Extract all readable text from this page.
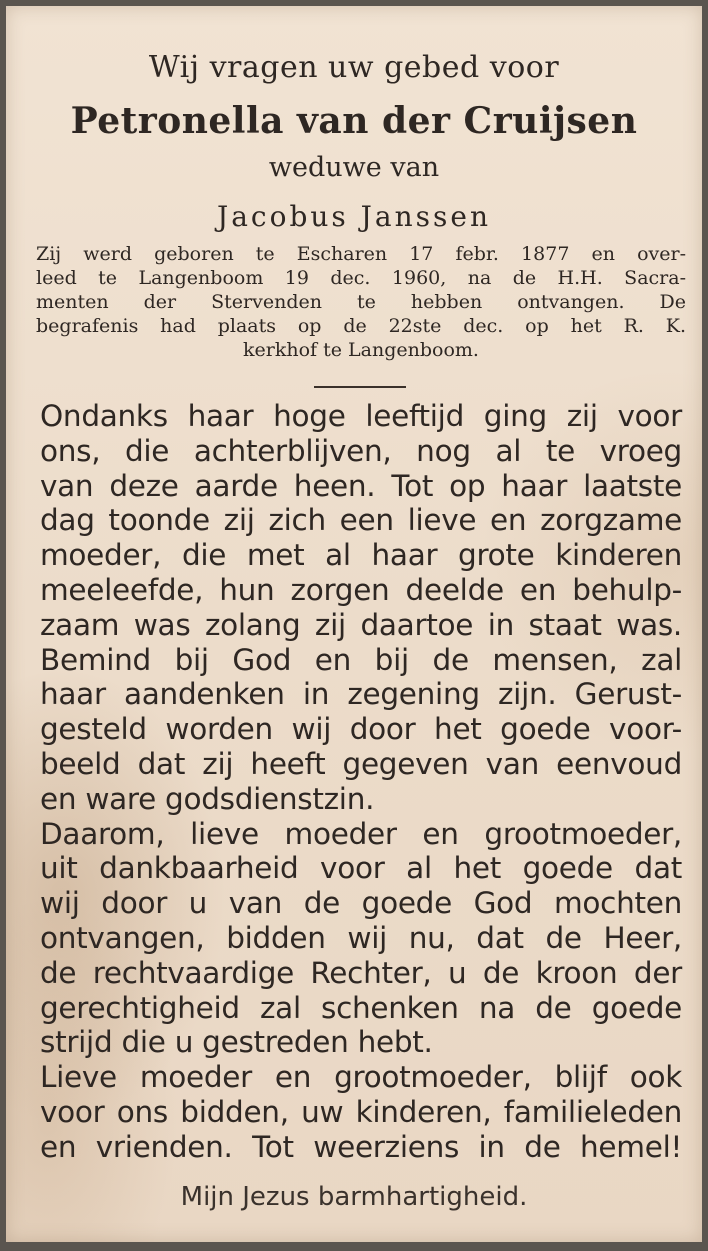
Wij vragen uw gebed voor
Petronella van der Cruijsen
weduwe van
Jacobus Janssen
Zij werd geboren te Escharen 17 febr. 1877 en over-
leed te Langenboom 19 dec. 1960, na de H.H. Sacra-
menten der Stervenden te hebben ontvangen. De
begrafenis had plaats op de 22ste dec. op het R. K.
kerkhof te Langenboom.
Ondanks haar hoge leeftijd ging zij voor
ons, die achterblijven, nog al te vroeg
van deze aarde heen. Tot op haar laatste
dag toonde zij zich een lieve en zorgzame
moeder, die met al haar grote kinderen
meeleefde, hun zorgen deelde en behulp-
zaam was zolang zij daartoe in staat was.
Bemind bij God en bij de mensen, zal
haar aandenken in zegening zijn. Gerust-
gesteld worden wij door het goede voor-
beeld dat zij heeft gegeven van eenvoud
en ware godsdienstzin.
Daarom, lieve moeder en grootmoeder,
uit dankbaarheid voor al het goede dat
wij door u van de goede God mochten
ontvangen, bidden wij nu, dat de Heer,
de rechtvaardige Rechter, u de kroon der
gerechtigheid zal schenken na de goede
strijd die u gestreden hebt.
Lieve moeder en grootmoeder, blijf ook
voor ons bidden, uw kinderen, familieleden
en vrienden. Tot weerziens in de hemel!
Mijn Jezus barmhartigheid.
